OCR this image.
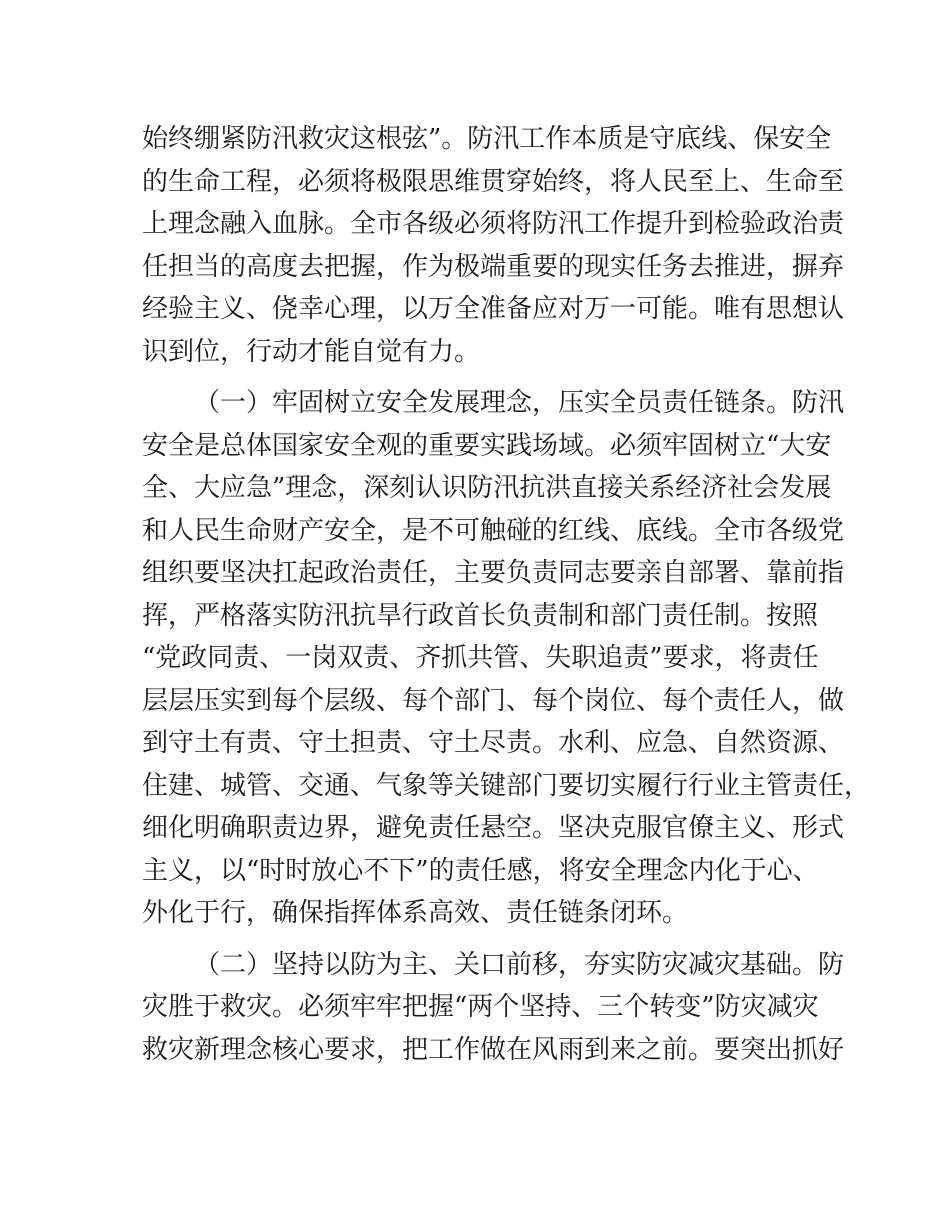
始终绷紧防汛救灾这根弦”。防汛工作本质是守底线、保安全
的生命工程，必须将极限思维贯穿始终，将人民至上、生命至
上理念融入血脉。全市各级必须将防汛工作提升到检验政治责
任担当的高度去把握，作为极端重要的现实任务去推进，摒弃
经验主义、侥幸心理，以万全准备应对万一可能。唯有思想认
识到位，行动才能自觉有力。
（一）牢固树立安全发展理念，压实全员责任链条。防汛
安全是总体国家安全观的重要实践场域。必须牢固树立“大安
全、大应急”理念，深刻认识防汛抗洪直接关系经济社会发展
和人民生命财产安全，是不可触碰的红线、底线。全市各级党
组织要坚决扛起政治责任，主要负责同志要亲自部署、靠前指
挥，严格落实防汛抗旱行政首长负责制和部门责任制。按照
“党政同责、一岗双责、齐抓共管、失职追责”要求，将责任
层层压实到每个层级、每个部门、每个岗位、每个责任人，做
到守土有责、守土担责、守土尽责。水利、应急、自然资源、
住建、城管、交通、气象等关键部门要切实履行行业主管责任，
细化明确职责边界，避免责任悬空。坚决克服官僚主义、形式
主义，以“时时放心不下”的责任感，将安全理念内化于心、
外化于行，确保指挥体系高效、责任链条闭环。
（二）坚持以防为主、关口前移，夯实防灾减灾基础。防
灾胜于救灾。必须牢牢把握“两个坚持、三个转变”防灾减灾
救灾新理念核心要求，把工作做在风雨到来之前。要突出抓好
